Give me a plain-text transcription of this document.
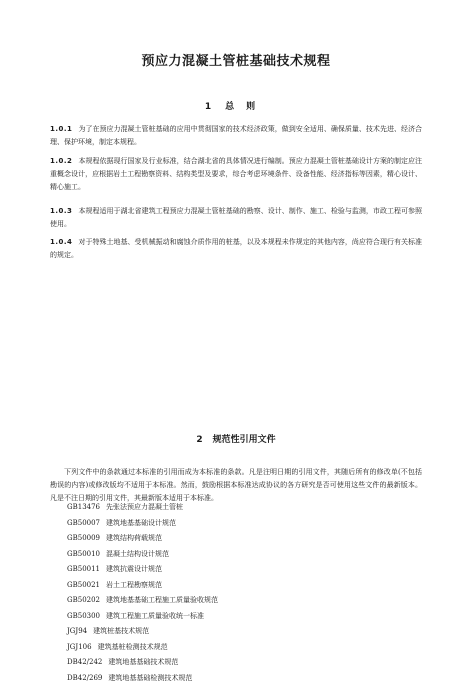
预应力混凝土管桩基础技术规程
1 总则

1.0.1 为了在预应力混凝土管桩基础的应用中贯彻国家的技术经济政策，做到安全适用、确保质量、技术先进、经济合理、保护环境，制定本规程。

1.0.2 本规程依据现行国家及行业标准，结合湖北省的具体情况进行编制。预应力混凝土管桩基础设计方案的制定应注重概念设计，应根据岩土工程勘察资料、结构类型及要求，综合考虑环境条件、设备性能、经济指标等因素，精心设计、精心施工。

1.0.3 本规程适用于湖北省建筑工程预应力混凝土管桩基础的勘察、设计、制作、施工、检验与监测，市政工程可参照使用。

1.0.4 对于特殊土地基、受机械振动和腐蚀介质作用的桩基，以及本规程未作规定的其他内容，尚应符合现行有关标准的规定。

2 规范性引用文件

下列文件中的条款通过本标准的引用而成为本标准的条款。凡是注明日期的引用文件，其随后所有的修改单(不包括勘误的内容)或修改版均不适用于本标准。然而，鼓励根据本标准达成协议的各方研究是否可使用这些文件的最新版本。凡是不注日期的引用文件，其最新版本适用于本标准。

GB13476 先张法预应力混凝土管桩
GB50007 建筑地基基础设计规范
GB50009 建筑结构荷载规范
GB50010 混凝土结构设计规范
GB50011 建筑抗震设计规范
GB50021 岩土工程勘察规范
GB50202 建筑地基基础工程施工质量验收规范
GB50300 建筑工程施工质量验收统一标准
JGJ94 建筑桩基技术规范
JGJ106 建筑基桩检测技术规范
DB42/242 建筑地基基础技术规范
DB42/269 建筑地基基础检测技术规范
